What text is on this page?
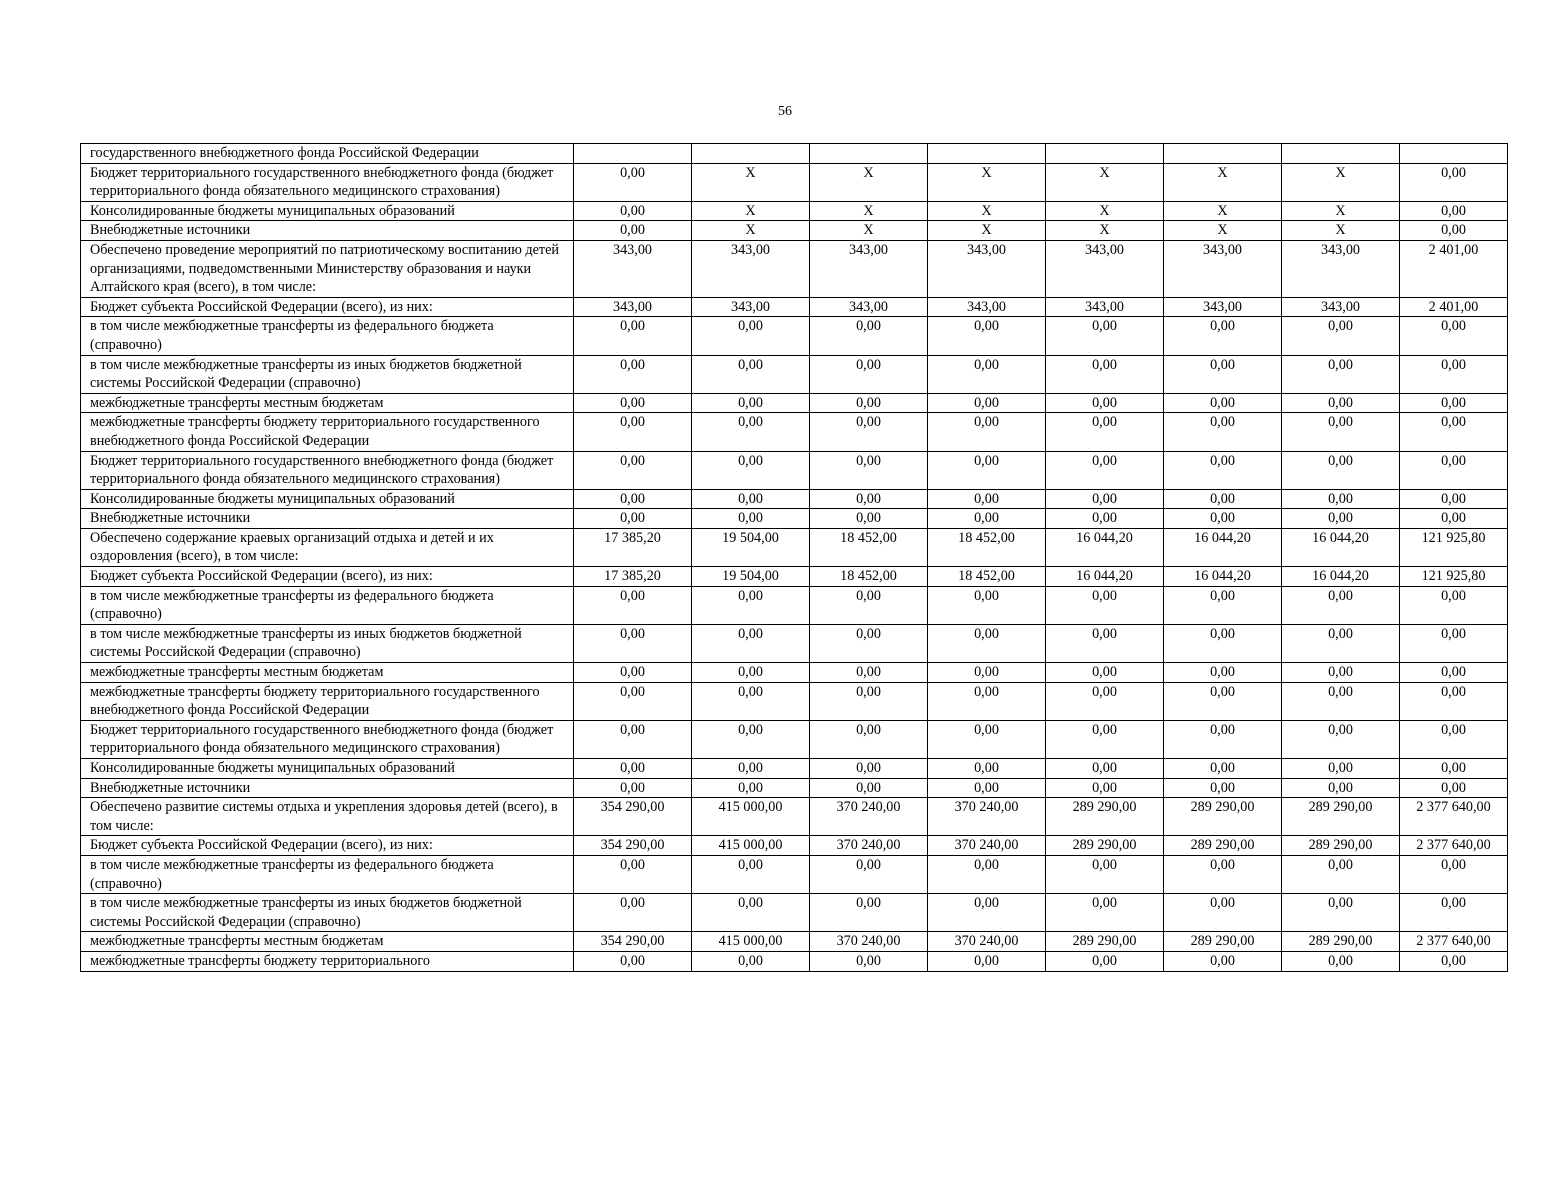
56
государственного внебюджетного фонда Российской Федерации								
Бюджет территориального государственного внебюджетного фонда (бюджет территориального фонда обязательного медицинского страхования)	0,00	X	X	X	X	X	X	0,00
Консолидированные бюджеты муниципальных образований	0,00	X	X	X	X	X	X	0,00
Внебюджетные источники	0,00	X	X	X	X	X	X	0,00
Обеспечено проведение мероприятий по патриотическому воспитанию детей организациями, подведомственными Министерству образования и науки Алтайского края (всего), в том числе:	343,00	343,00	343,00	343,00	343,00	343,00	343,00	2 401,00
Бюджет субъекта Российской Федерации (всего), из них:	343,00	343,00	343,00	343,00	343,00	343,00	343,00	2 401,00
в том числе межбюджетные трансферты из федерального бюджета (справочно)	0,00	0,00	0,00	0,00	0,00	0,00	0,00	0,00
в том числе межбюджетные трансферты из иных бюджетов бюджетной системы Российской Федерации (справочно)	0,00	0,00	0,00	0,00	0,00	0,00	0,00	0,00
межбюджетные трансферты местным бюджетам	0,00	0,00	0,00	0,00	0,00	0,00	0,00	0,00
межбюджетные трансферты бюджету территориального государственного внебюджетного фонда Российской Федерации	0,00	0,00	0,00	0,00	0,00	0,00	0,00	0,00
Бюджет территориального государственного внебюджетного фонда (бюджет территориального фонда обязательного медицинского страхования)	0,00	0,00	0,00	0,00	0,00	0,00	0,00	0,00
Консолидированные бюджеты муниципальных образований	0,00	0,00	0,00	0,00	0,00	0,00	0,00	0,00
Внебюджетные источники	0,00	0,00	0,00	0,00	0,00	0,00	0,00	0,00
Обеспечено содержание краевых организаций отдыха и детей и их оздоровления (всего), в том числе:	17 385,20	19 504,00	18 452,00	18 452,00	16 044,20	16 044,20	16 044,20	121 925,80
Бюджет субъекта Российской Федерации (всего), из них:	17 385,20	19 504,00	18 452,00	18 452,00	16 044,20	16 044,20	16 044,20	121 925,80
в том числе межбюджетные трансферты из федерального бюджета (справочно)	0,00	0,00	0,00	0,00	0,00	0,00	0,00	0,00
в том числе межбюджетные трансферты из иных бюджетов бюджетной системы Российской Федерации (справочно)	0,00	0,00	0,00	0,00	0,00	0,00	0,00	0,00
межбюджетные трансферты местным бюджетам	0,00	0,00	0,00	0,00	0,00	0,00	0,00	0,00
межбюджетные трансферты бюджету территориального государственного внебюджетного фонда Российской Федерации	0,00	0,00	0,00	0,00	0,00	0,00	0,00	0,00
Бюджет территориального государственного внебюджетного фонда (бюджет территориального фонда обязательного медицинского страхования)	0,00	0,00	0,00	0,00	0,00	0,00	0,00	0,00
Консолидированные бюджеты муниципальных образований	0,00	0,00	0,00	0,00	0,00	0,00	0,00	0,00
Внебюджетные источники	0,00	0,00	0,00	0,00	0,00	0,00	0,00	0,00
Обеспечено развитие системы отдыха и укрепления здоровья детей (всего), в том числе:	354 290,00	415 000,00	370 240,00	370 240,00	289 290,00	289 290,00	289 290,00	2 377 640,00
Бюджет субъекта Российской Федерации (всего), из них:	354 290,00	415 000,00	370 240,00	370 240,00	289 290,00	289 290,00	289 290,00	2 377 640,00
в том числе межбюджетные трансферты из федерального бюджета (справочно)	0,00	0,00	0,00	0,00	0,00	0,00	0,00	0,00
в том числе межбюджетные трансферты из иных бюджетов бюджетной системы Российской Федерации (справочно)	0,00	0,00	0,00	0,00	0,00	0,00	0,00	0,00
межбюджетные трансферты местным бюджетам	354 290,00	415 000,00	370 240,00	370 240,00	289 290,00	289 290,00	289 290,00	2 377 640,00
межбюджетные трансферты бюджету территориального	0,00	0,00	0,00	0,00	0,00	0,00	0,00	0,00
